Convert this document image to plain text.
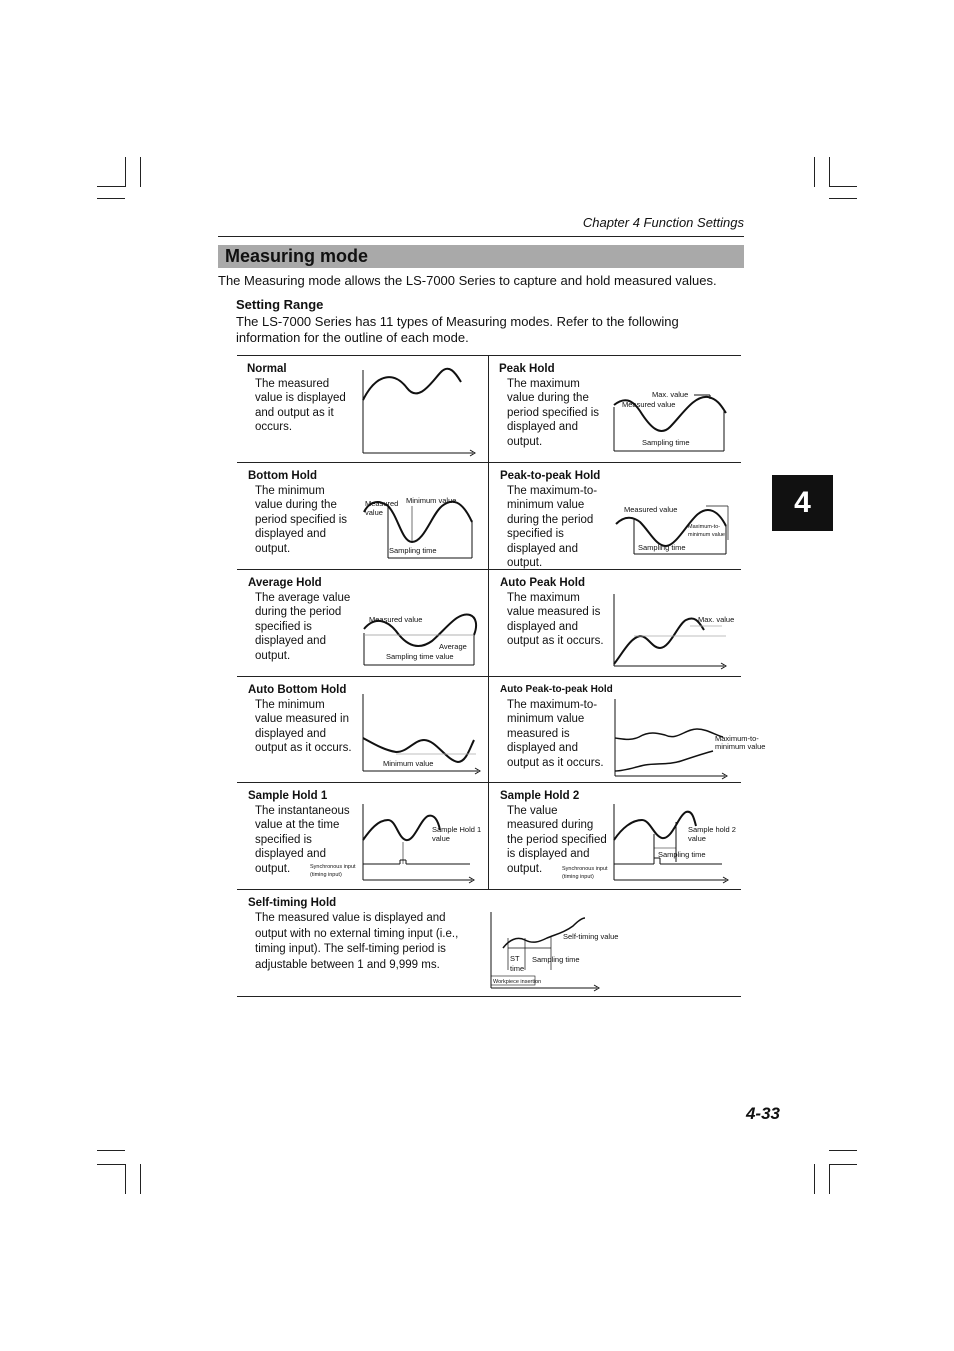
Chapter 4 Function Settings
Measuring mode
The Measuring mode allows the LS-7000 Series to capture and hold measured values.
Setting Range
The LS-7000 Series has 11 types of Measuring modes. Refer to the following information for the outline of each mode.
4
Normal
The measured value is displayed and output as it occurs.
Peak Hold
The maximum value during the period specified is displayed and output.
Max. value
Measured value
Sampling time
Bottom Hold
The minimum value during the period specified is displayed and output.
Measured
value
Minimum value
Sampling time
Peak-to-peak Hold
The maximum-to-minimum value during the period specified is displayed and output.
Measured value
Maximum-to-
minimum value
Sampling time
Average Hold
The average value during the period specified is displayed and output.
Measured value
Average
Sampling time value
Auto Peak Hold
The maximum value measured is displayed and output as it occurs.
Max. value
Auto Bottom Hold
The minimum value measured in displayed and output as it occurs.
Minimum value
Auto Peak-to-peak Hold
The maximum-to-minimum value measured is displayed and output as it occurs.
Maximum-to-
minimum value
Sample Hold 1
The instantaneous value at the time specified is displayed and output.
Sample Hold 1
value
Synchronous input
(timing input)
Sample Hold 2
The value measured during the period specified is displayed and output.
Sample hold 2
value
Sampling time
Synchronous input
(timing input)
Self-timing Hold
The measured value is displayed and output with no external timing input (i.e., timing input). The self-timing period is adjustable between 1 and 9,999 ms.
Self-timing value
ST
time
Sampling time
Workpiece insertion
4-33
